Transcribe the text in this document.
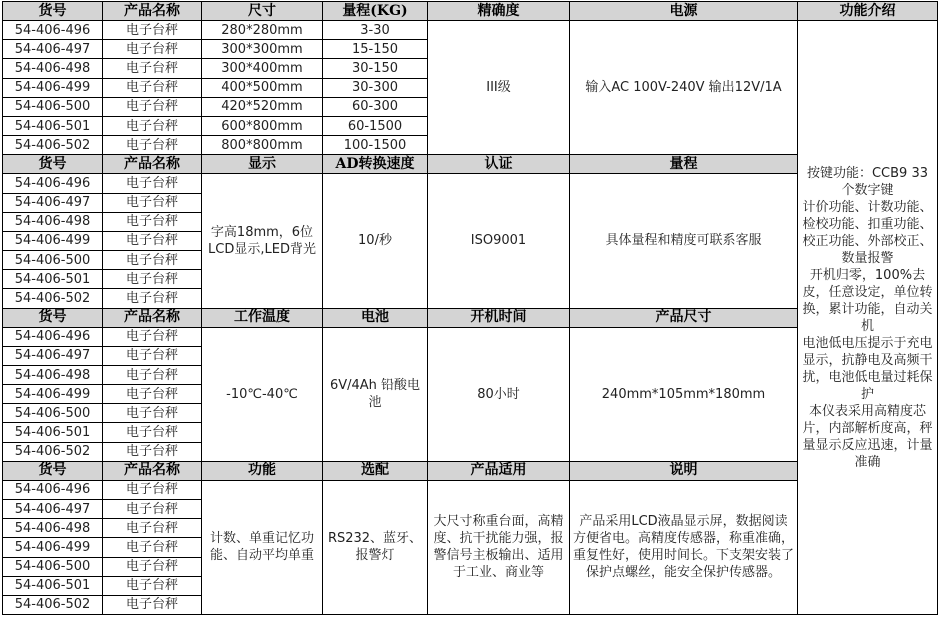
货号	产品名称	尺寸	量程(KG)	精确度	电源	功能介绍
54-406-496	电子台秤	280*280mm	3-30	III级	输入AC 100V-240V 输出12V/1A	按键功能：CCB9 33个数字键
计价功能、计数功能、检校功能、扣重功能、校正功能、外部校正、数量报警
开机归零，100%去皮，任意设定，单位转换，累计功能，自动关机
电池低电压提示于充电显示，抗静电及高频干扰，电池低电量过耗保护
本仪表采用高精度芯片，内部解析度高，秤量显示反应迅速，计量准确

54-406-497	电子台秤	300*300mm	15-150			
54-406-498	电子台秤	300*400mm	30-150			
54-406-499	电子台秤	400*500mm	30-300			
54-406-500	电子台秤	420*520mm	60-300			
54-406-501	电子台秤	600*800mm	60-1500			
54-406-502	电子台秤	800*800mm	100-1500			
货号	产品名称	显示	AD转换速度	认证	量程	
54-406-496	电子台秤	字高18mm，6位LCD显示,LED背光	10/秒	ISO9001	具体量程和精度可联系客服	
54-406-497	电子台秤					
54-406-498	电子台秤					
54-406-499	电子台秤					
54-406-500	电子台秤					
54-406-501	电子台秤					
54-406-502	电子台秤					
货号	产品名称	工作温度	电池	开机时间	产品尺寸	
54-406-496	电子台秤	-10℃-40℃	6V/4Ah 铅酸电池	80小时	240mm*105mm*180mm	
54-406-497	电子台秤					
54-406-498	电子台秤					
54-406-499	电子台秤					
54-406-500	电子台秤					
54-406-501	电子台秤					
54-406-502	电子台秤					
货号	产品名称	功能	选配	产品适用	说明	
54-406-496	电子台秤	计数、单重记忆功能、自动平均单重	RS232、蓝牙、报警灯	大尺寸称重台面，高精度、抗干扰能力强，报警信号主板输出、适用于工业、商业等	产品采用LCD液晶显示屏，数据阅读方便省电。高精度传感器，称重准确，重复性好，使用时间长。下支架安装了保护点螺丝，能安全保护传感器。	
54-406-497	电子台秤					
54-406-498	电子台秤					
54-406-499	电子台秤					
54-406-500	电子台秤					
54-406-501	电子台秤					
54-406-502	电子台秤					
